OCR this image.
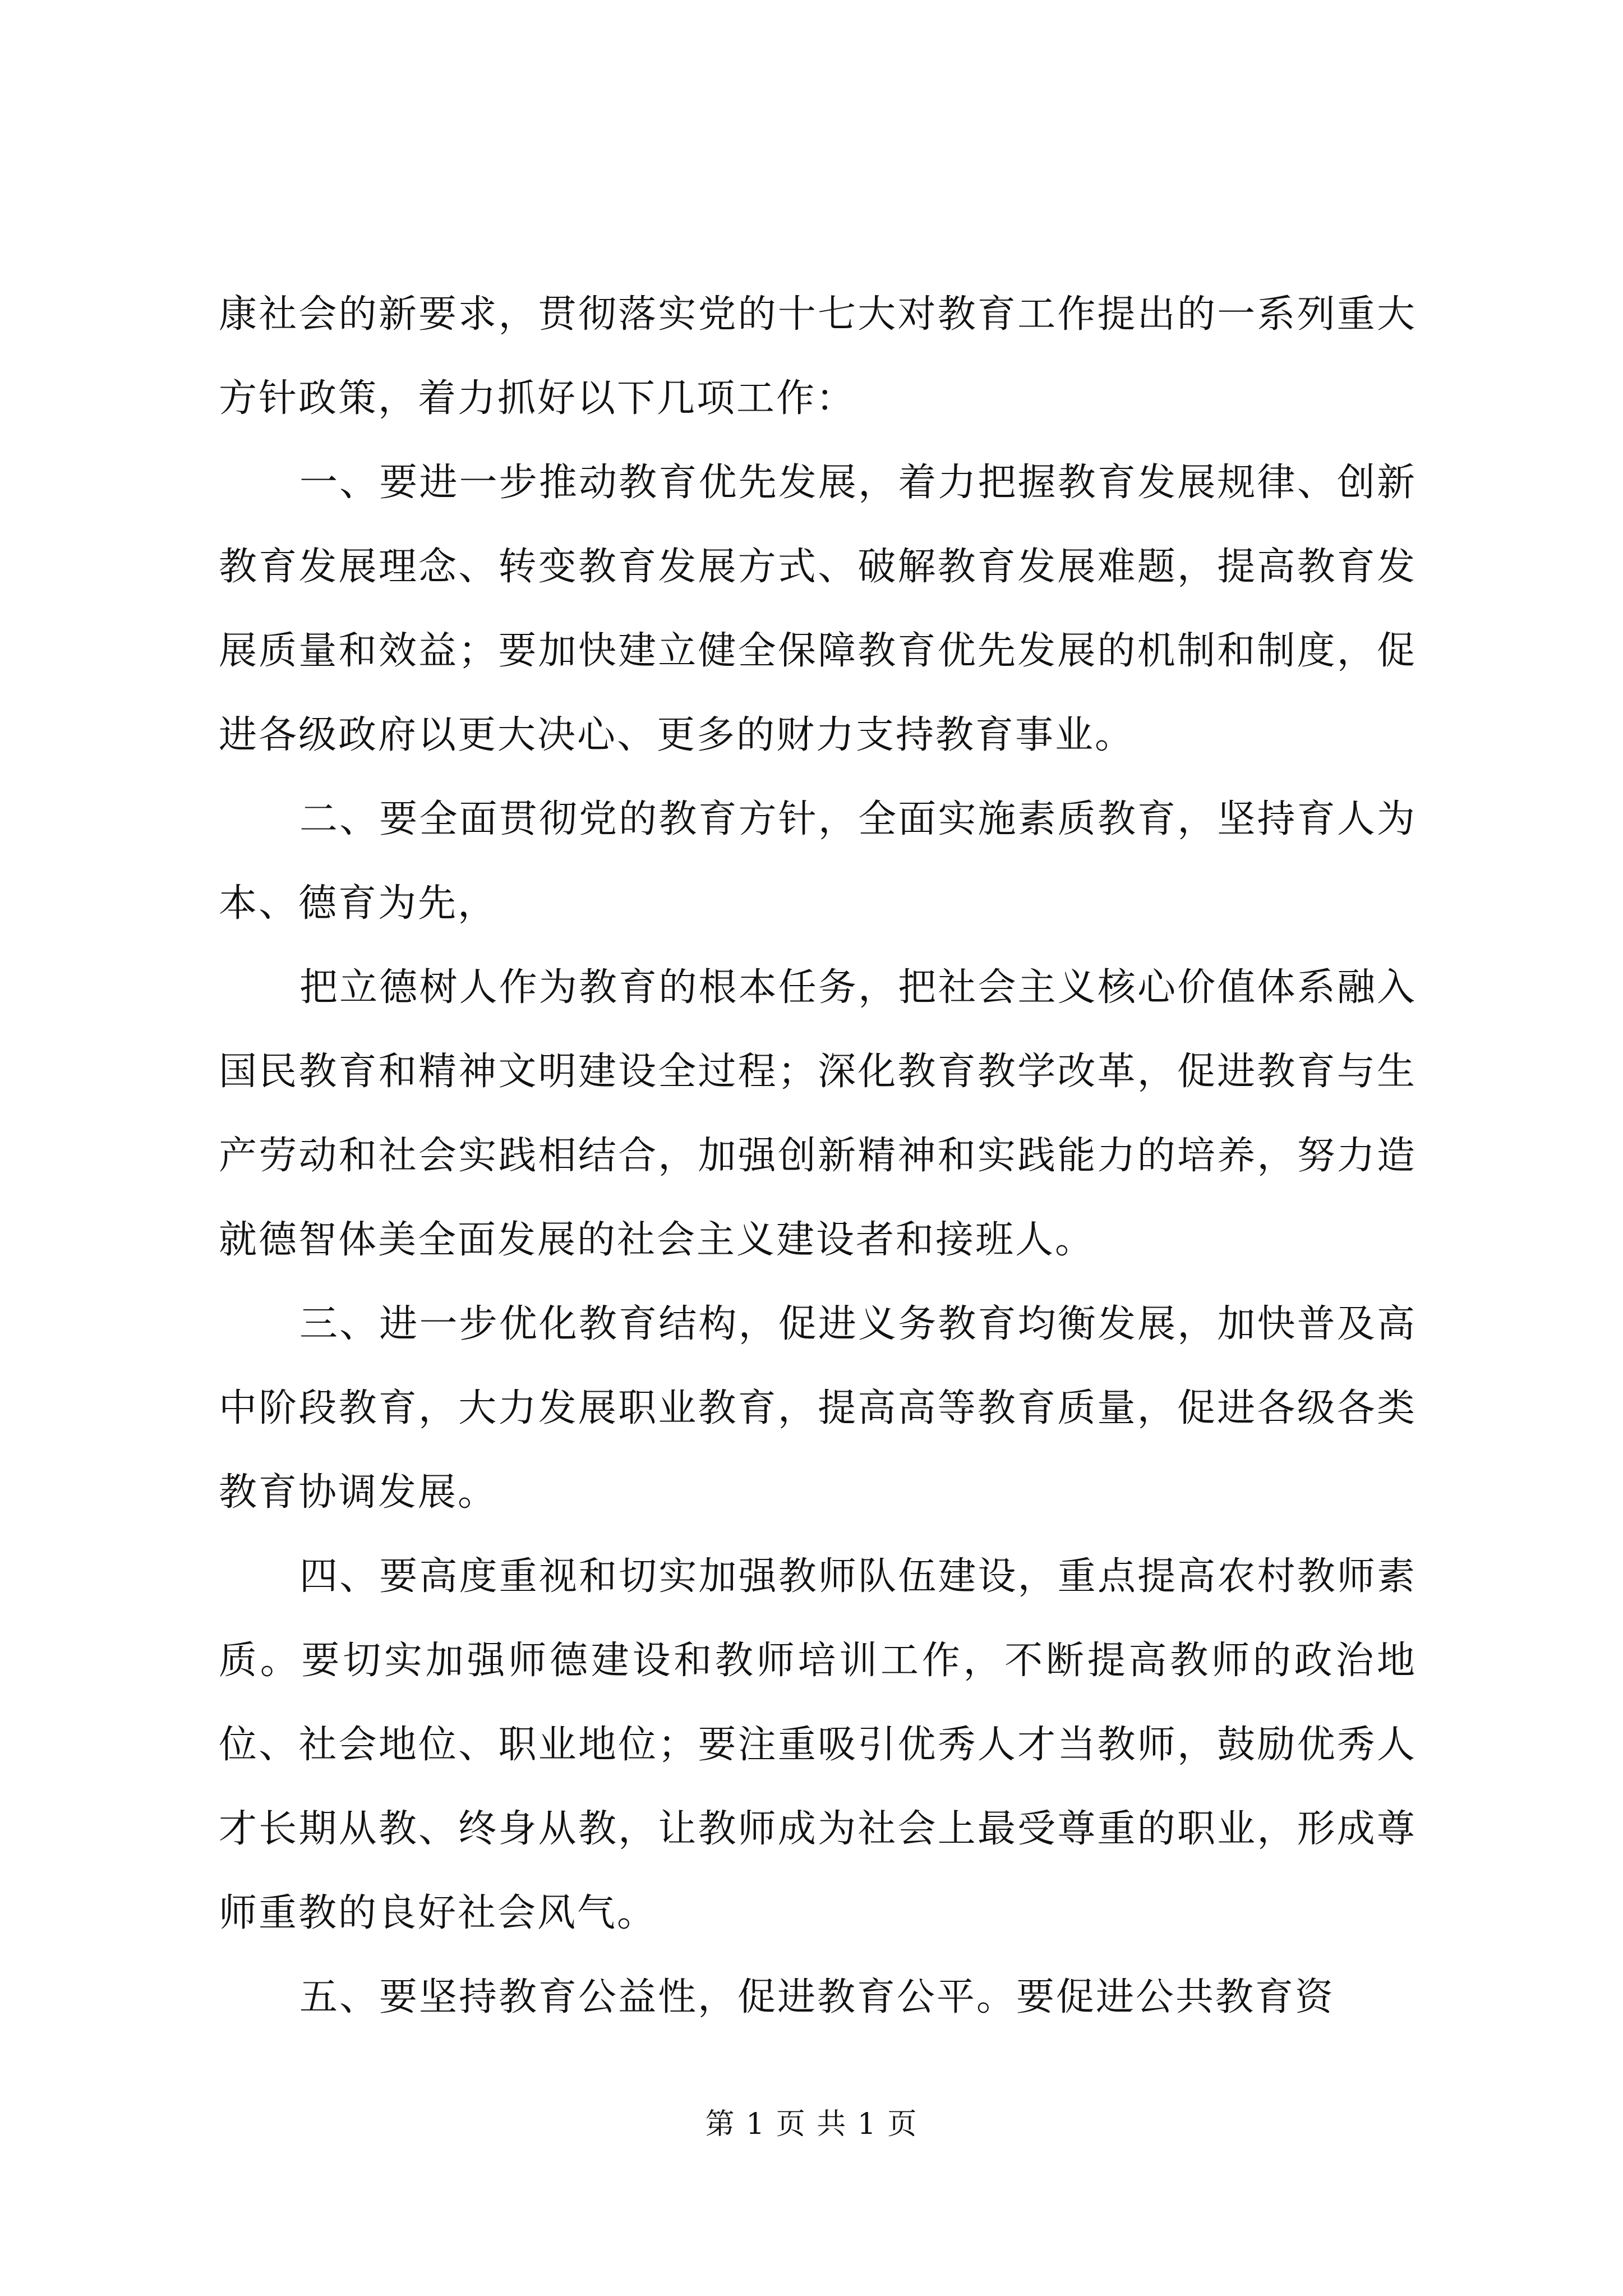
康社会的新要求，贯彻落实党的十七大对教育工作提出的一系列重大方针政策，着力抓好以下几项工作：

一、要进一步推动教育优先发展，着力把握教育发展规律、创新教育发展理念、转变教育发展方式、破解教育发展难题，提高教育发展质量和效益；要加快建立健全保障教育优先发展的机制和制度，促进各级政府以更大决心、更多的财力支持教育事业。

二、要全面贯彻党的教育方针，全面实施素质教育，坚持育人为本、德育为先，

把立德树人作为教育的根本任务，把社会主义核心价值体系融入国民教育和精神文明建设全过程；深化教育教学改革，促进教育与生产劳动和社会实践相结合，加强创新精神和实践能力的培养，努力造就德智体美全面发展的社会主义建设者和接班人。

三、进一步优化教育结构，促进义务教育均衡发展，加快普及高中阶段教育，大力发展职业教育，提高高等教育质量，促进各级各类教育协调发展。

四、要高度重视和切实加强教师队伍建设，重点提高农村教师素质。要切实加强师德建设和教师培训工作，不断提高教师的政治地位、社会地位、职业地位；要注重吸引优秀人才当教师，鼓励优秀人才长期从教、终身从教，让教师成为社会上最受尊重的职业，形成尊师重教的良好社会风气。

五、要坚持教育公益性，促进教育公平。要促进公共教育资

第 1 页 共 1 页
